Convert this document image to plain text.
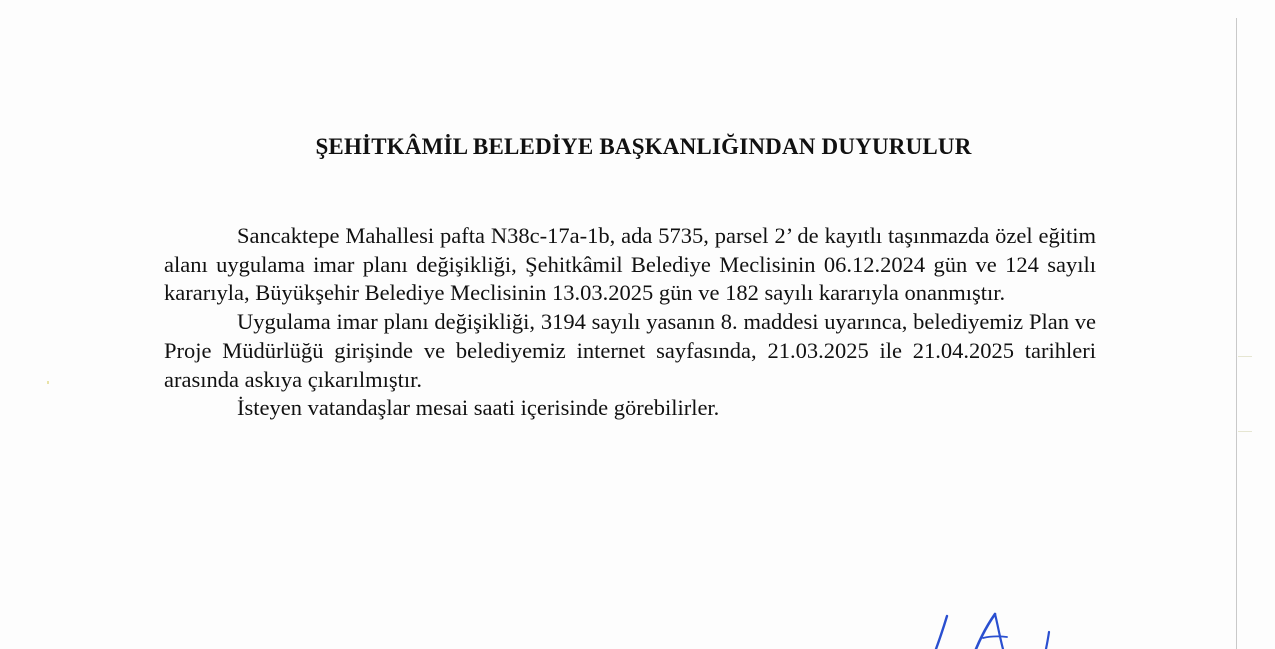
ŞEHİTKÂMİL BELEDİYE BAŞKANLIĞINDAN DUYURULUR

Sancaktepe Mahallesi pafta N38c-17a-1b, ada 5735, parsel 2’ de kayıtlı taşınmazda özel eğitim alanı uygulama imar planı değişikliği, Şehitkâmil Belediye Meclisinin 06.12.2024 gün ve 124 sayılı kararıyla, Büyükşehir Belediye Meclisinin 13.03.2025 gün ve 182 sayılı kararıyla onanmıştır.

Uygulama imar planı değişikliği, 3194 sayılı yasanın 8. maddesi uyarınca, belediyemiz Plan ve Proje Müdürlüğü girişinde ve belediyemiz internet sayfasında, 21.03.2025 ile 21.04.2025 tarihleri arasında askıya çıkarılmıştır.

İsteyen vatandaşlar mesai saati içerisinde görebilirler.
